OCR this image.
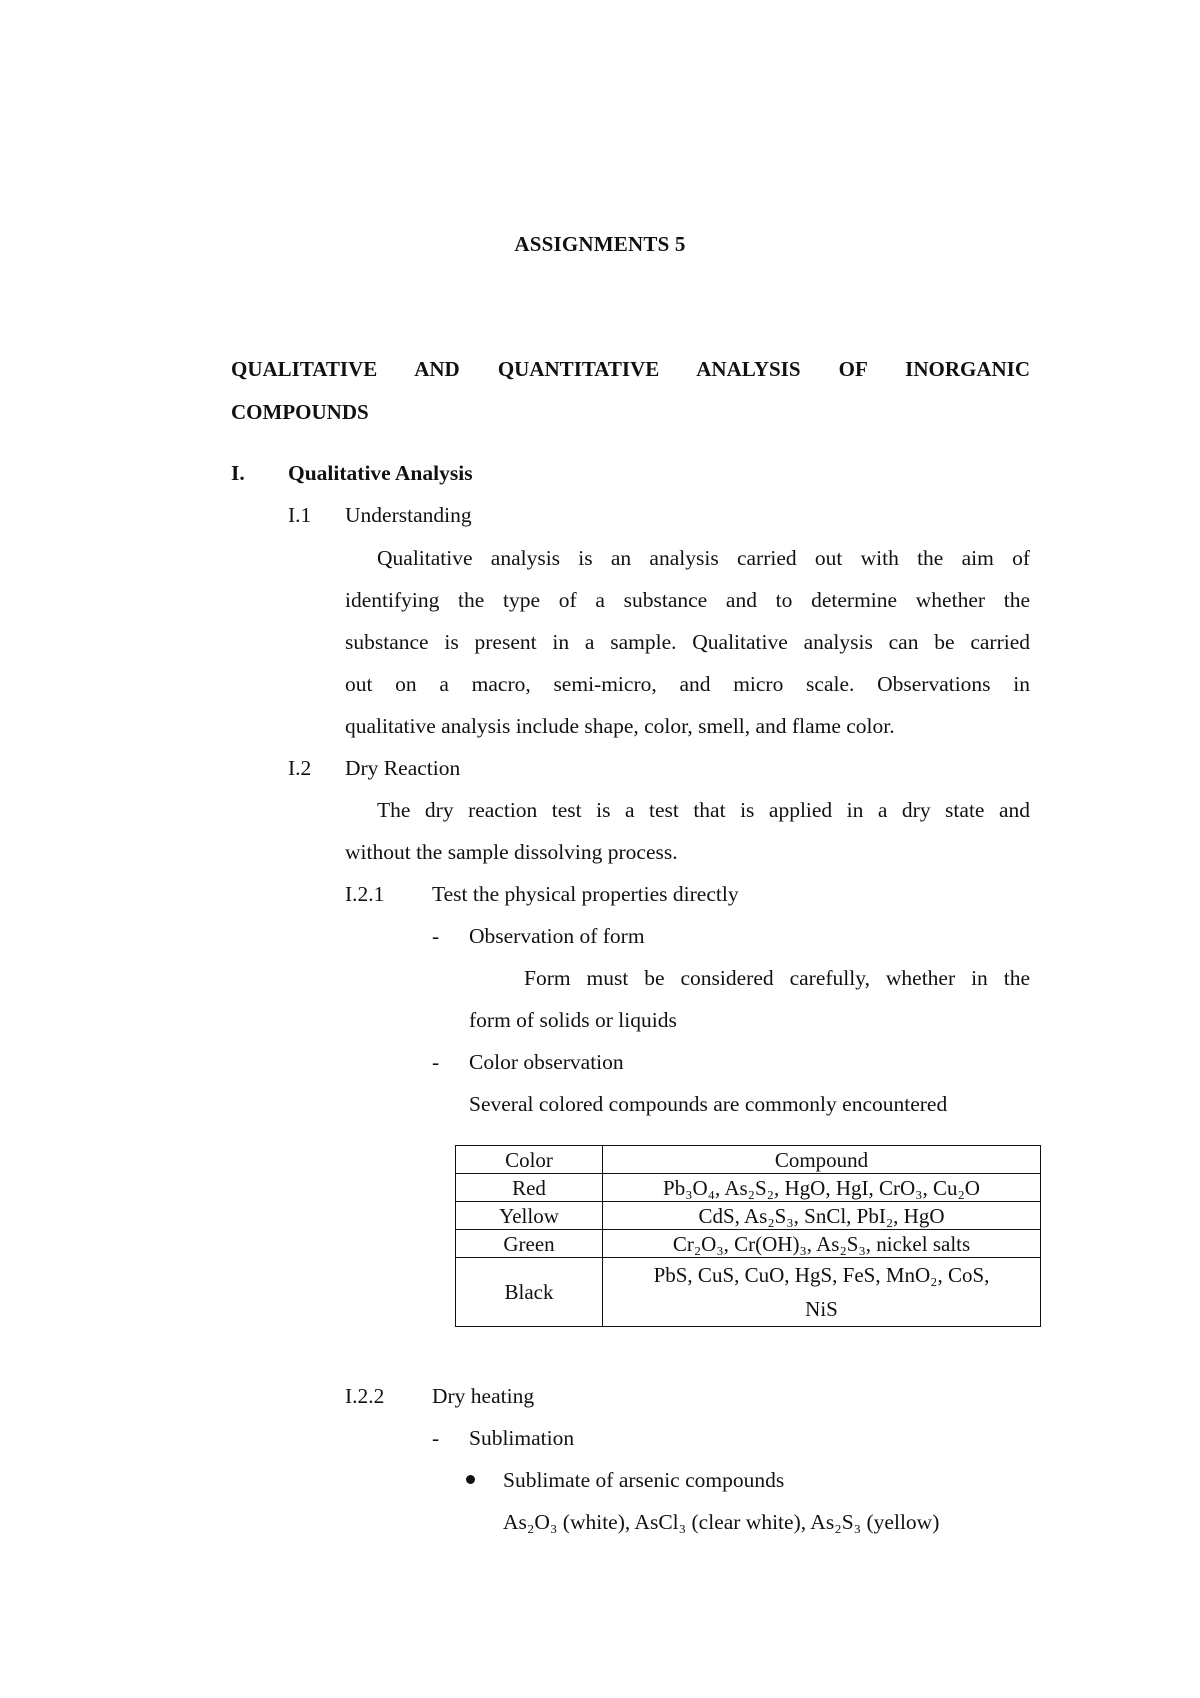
ASSIGNMENTS 5
QUALITATIVE AND QUANTITATIVE ANALYSIS OF INORGANIC
COMPOUNDS
I. Qualitative Analysis
I.1 Understanding
Qualitative analysis is an analysis carried out with the aim of
identifying the type of a substance and to determine whether the
substance is present in a sample. Qualitative analysis can be carried
out on a macro, semi-micro, and micro scale. Observations in
qualitative analysis include shape, color, smell, and flame color.
I.2 Dry Reaction
The dry reaction test is a test that is applied in a dry state and
without the sample dissolving process.
I.2.1 Test the physical properties directly
- Observation of form
Form must be considered carefully, whether in the
form of solids or liquids
- Color observation
Several colored compounds are commonly encountered
Color	Compound
Red	Pb₃O₄, As₂S₂, HgO, HgI, CrO₃, Cu₂O
Yellow	CdS, As₂S₃, SnCl, PbI₂, HgO
Green	Cr₂O₃, Cr(OH)₃, As₂S₃, nickel salts
Black	PbS, CuS, CuO, HgS, FeS, MnO₂, CoS,
NiS
I.2.2 Dry heating
- Sublimation
Sublimate of arsenic compounds
As₂O₃ (white), AsCl₃ (clear white), As₂S₃ (yellow)
